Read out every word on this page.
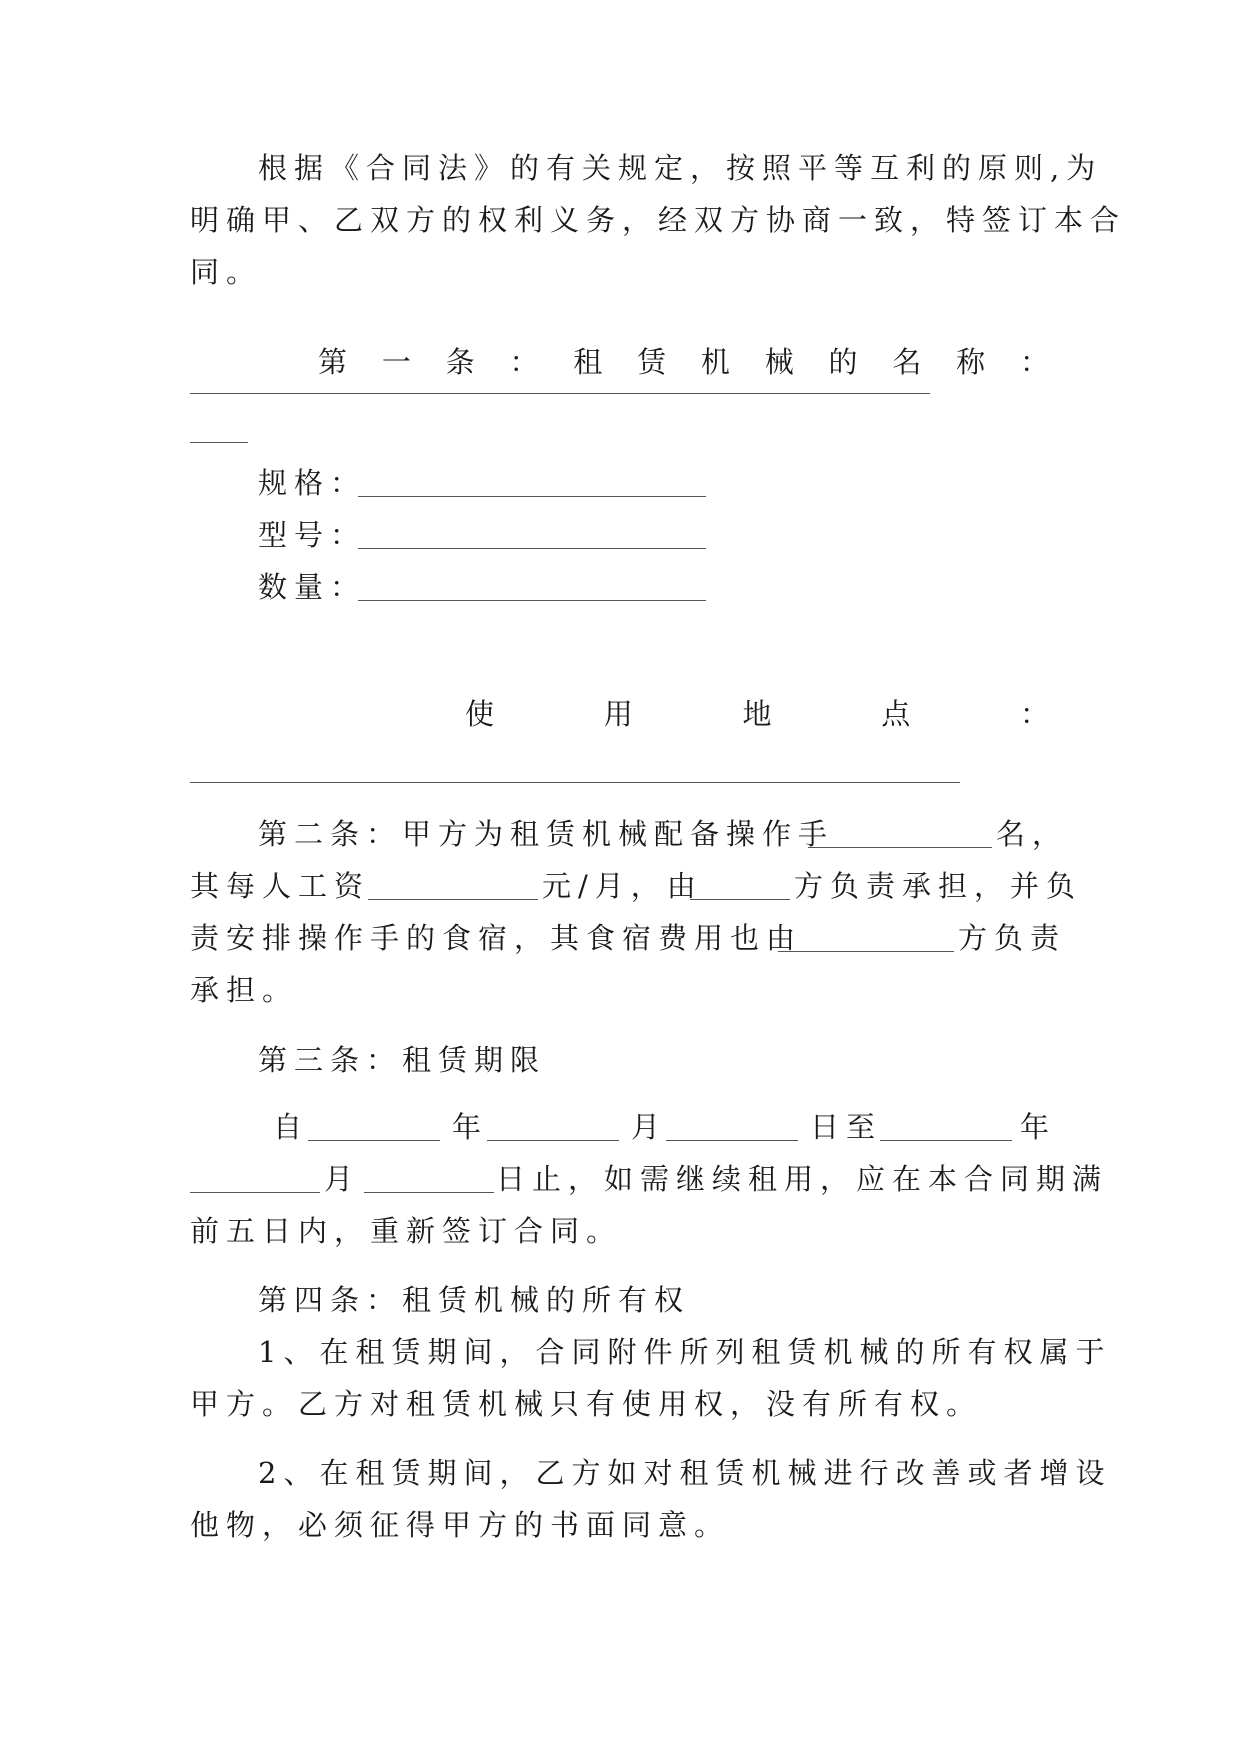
根据《合同法》的有关规定，按照平等互利的原则,为
明确甲、乙双方的权利义务，经双方协商一致，特签订本合
同。
第 一 条 ： 租 赁 机 械 的 名 称 ：
规格：
型号：
数量：
使	用	地	点	：
第二条：甲方为租赁机械配备操作手	名，
其每人工资	元/月，由	方负责承担，并负
责安排操作手的食宿，其食宿费用也由	方负责
承担。
第三条：租赁期限
自	年	月	日至	年
月	日止，如需继续租用，应在本合同期满
前五日内，重新签订合同。
第四条：租赁机械的所有权
1、在租赁期间，合同附件所列租赁机械的所有权属于
甲方。乙方对租赁机械只有使用权，没有所有权。
2、在租赁期间，乙方如对租赁机械进行改善或者增设
他物，必须征得甲方的书面同意。
